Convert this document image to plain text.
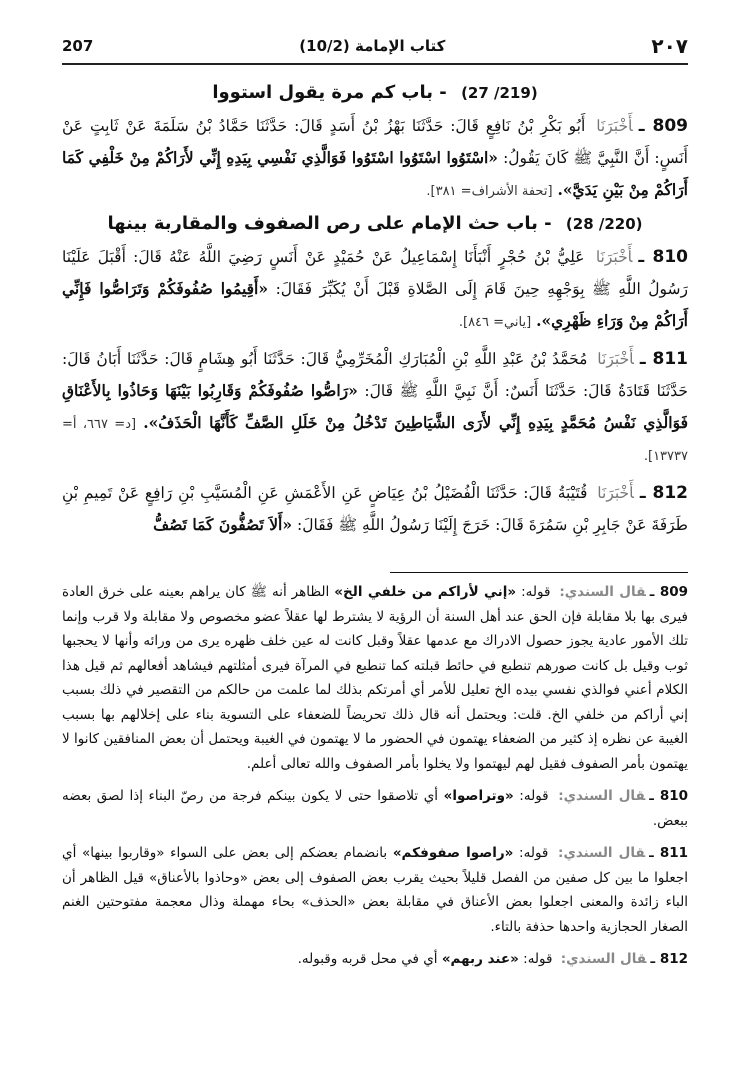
207	(10/2) كتاب الإمامة	٢٠٧
(219/ 27) - باب كم مرة يقول استووا

809 ـأَخْبَرَنَا أَبُو بَكْرِ بْنُ نَافِعٍ قَالَ: حَدَّثَنَا بَهْزُ بْنُ أَسَدٍ قَالَ: حَدَّثَنَا حَمَّادُ بْنُ سَلَمَةَ عَنْ ثَابِتٍ عَنْ أَنَسٍ: أَنَّ النَّبِيَّ ﷺ كَانَ يَقُولُ: «اسْتَوُوا اسْتَوُوا اسْتَوُوا فَوَالَّذِي نَفْسِي بِيَدِهِ إِنِّي لأَرَاكُمْ مِنْ خَلْفِي كَمَا أَرَاكُمْ مِنْ بَيْنِ يَدَيَّ». [تحفة الأشراف= ٣٨١].

(220/ 28) - باب حث الإمام على رص الصفوف والمقاربة بينها

810 ـأَخْبَرَنَا عَلِيُّ بْنُ حُجْرٍ أَنْبَأَنَا إِسْمَاعِيلُ عَنْ حُمَيْدٍ عَنْ أَنَسٍ رَضِيَ اللَّهُ عَنْهُ قَالَ: أَقْبَلَ عَلَيْنَا رَسُولُ اللَّهِ ﷺ بِوَجْهِهِ حِينَ قَامَ إِلَى الصَّلاةِ قَبْلَ أَنْ يُكَبِّرَ فَقَالَ: «أَقِيمُوا صُفُوفَكُمْ وَتَرَاصُّوا فَإِنِّي أَرَاكُمْ مِنْ وَرَاءِ ظَهْرِي». [ياني= ٨٤٦].

811 ـأَخْبَرَنَا مُحَمَّدُ بْنُ عَبْدِ اللَّهِ بْنِ الْمُبَارَكِ الْمُخَرِّمِيُّ قَالَ: حَدَّثَنَا أَبُو هِشَامٍ قَالَ: حَدَّثَنَا أَبَانُ قَالَ: حَدَّثَنَا قَتَادَةُ قَالَ: حَدَّثَنَا أَنَسٌ: أَنَّ نَبِيَّ اللَّهِ ﷺ قَالَ: «رَاصُّوا صُفُوفَكُمْ وَقَارِبُوا بَيْنَهَا وَحَاذُوا بِالأَعْنَاقِ فَوَالَّذِي نَفْسُ مُحَمَّدٍ بِيَدِهِ إِنِّي لأَرَى الشَّيَاطِينَ تَدْخُلُ مِنْ خَلَلِ الصَّفِّ كَأَنَّهَا الْحَذَفُ». [د= ٦٦٧، أ= ١٣٧٣٧].

812 ـأَخْبَرَنَا قُتَيْبَةُ قَالَ: حَدَّثَنَا الْفُضَيْلُ بْنُ عِيَاضٍ عَنِ الأَعْمَشِ عَنِ الْمُسَيَّبِ بْنِ رَافِعٍ عَنْ تَمِيمِ بْنِ طَرَفَةَ عَنْ جَابِرِ بْنِ سَمُرَةَ قَالَ: خَرَجَ إِلَيْنَا رَسُولُ اللَّهِ ﷺ فَقَالَ: «أَلاَ تَصُفُّونَ كَمَا تَصُفُّ

809 ـقال السندي: قوله: «إني لأراكم من خلفي الخ» الظاهر أنه ﷺ كان يراهم بعينه على خرق العادة فيرى بها بلا مقابلة فإن الحق عند أهل السنة أن الرؤية لا يشترط لها عقلاً عضو مخصوص ولا مقابلة ولا قرب وإنما تلك الأمور عادية يجوز حصول الادراك مع عدمها عقلاً وقبل كانت له عين خلف ظهره يرى من ورائه وأنها لا يحجبها ثوب وقيل بل كانت صورهم تنطبع في حائط قبلته كما تنطبع في المرآة فيرى أمثلتهم فيشاهد أفعالهم ثم قيل هذا الكلام أعني فوالذي نفسي بيده الخ تعليل للأمر أي أمرتكم بذلك لما علمت من حالكم من التقصير في ذلك بسبب إني أراكم من خلفي الخ. قلت: ويحتمل أنه قال ذلك تحريضاً للضعفاء على التسوية بناء على إخلالهم بها بسبب الغيبة عن نظره إذ كثير من الضعفاء يهتمون في الحضور ما لا يهتمون في الغيبة ويحتمل أن بعض المنافقين كانوا لا يهتمون بأمر الصفوف فقيل لهم ليهتموا ولا يخلوا بأمر الصفوف والله تعالى أعلم.

810 ـقال السندي: قوله: «وتراصوا» أي تلاصقوا حتى لا يكون بينكم فرجة من رصّ البناء إذا لصق بعضه ببعض.

811 ـقال السندي: قوله: «راصوا صفوفكم» بانضمام بعضكم إلى بعض على السواء «وقاربوا بينها» أي اجعلوا ما بين كل صفين من الفصل قليلاً بحيث يقرب بعض الصفوف إلى بعض «وحاذوا بالأعناق» قيل الظاهر أن الباء زائدة والمعنى اجعلوا بعض الأعناق في مقابلة بعض «الحذف» بحاء مهملة وذال معجمة مفتوحتين الغنم الصغار الحجازية واحدها حذفة بالتاء.

812 ـقال السندي: قوله: «عند ربهم» أي في محل قربه وقبوله.
